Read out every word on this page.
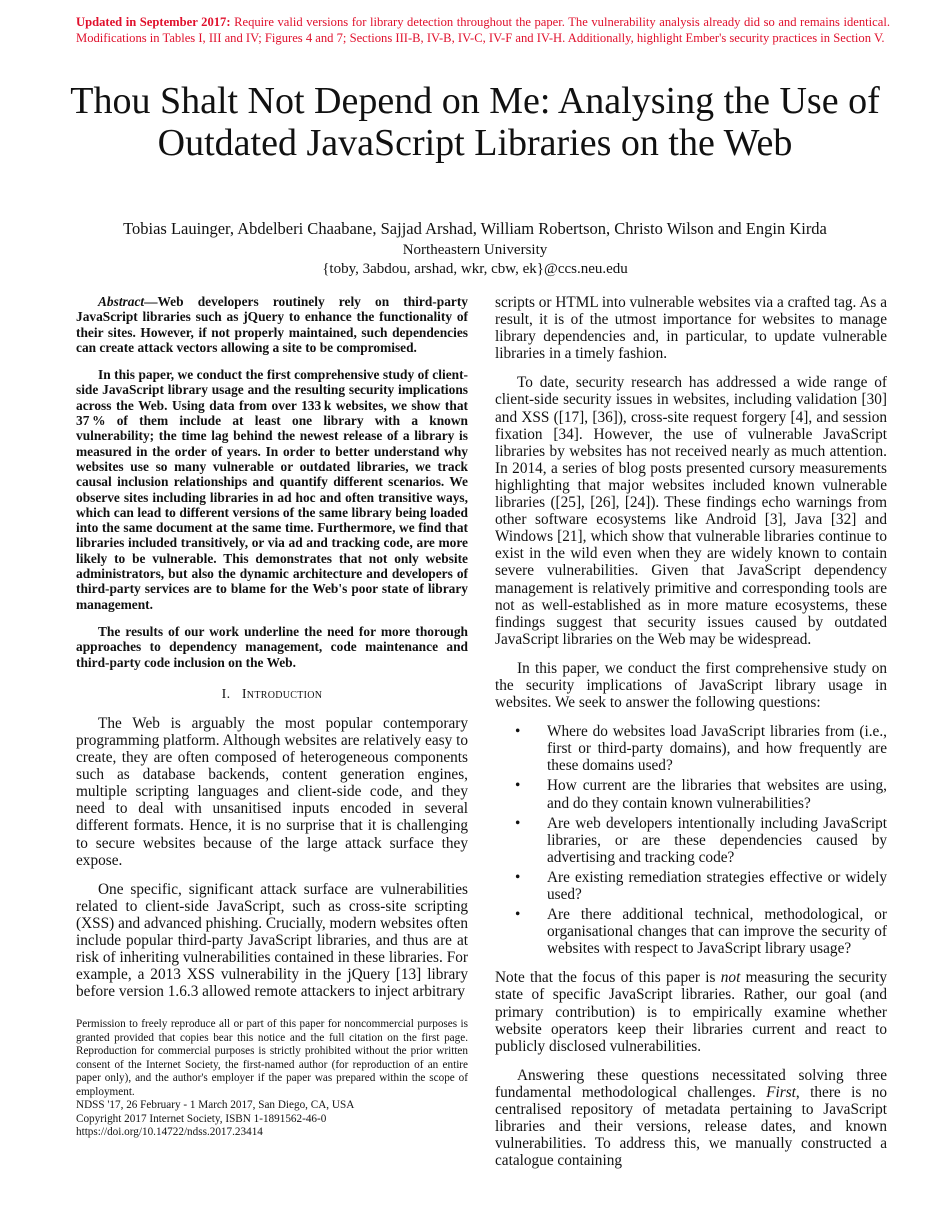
Updated in September 2017: Require valid versions for library detection throughout the paper. The vulnerability analysis already did so and remains identical. Modifications in Tables I, III and IV; Figures 4 and 7; Sections III-B, IV-B, IV-C, IV-F and IV-H. Additionally, highlight Ember's security practices in Section V.
Thou Shalt Not Depend on Me: Analysing the Use of Outdated JavaScript Libraries on the Web
Tobias Lauinger, Abdelberi Chaabane, Sajjad Arshad, William Robertson, Christo Wilson and Engin Kirda
Northeastern University
{toby, 3abdou, arshad, wkr, cbw, ek}@ccs.neu.edu

Abstract—Web developers routinely rely on third-party JavaScript libraries such as jQuery to enhance the functionality of their sites. However, if not properly maintained, such dependencies can create attack vectors allowing a site to be compromised.

In this paper, we conduct the first comprehensive study of client-side JavaScript library usage and the resulting security implications across the Web. Using data from over 133 k websites, we show that 37 % of them include at least one library with a known vulnerability; the time lag behind the newest release of a library is measured in the order of years. In order to better understand why websites use so many vulnerable or outdated libraries, we track causal inclusion relationships and quantify different scenarios. We observe sites including libraries in ad hoc and often transitive ways, which can lead to different versions of the same library being loaded into the same document at the same time. Furthermore, we find that libraries included transitively, or via ad and tracking code, are more likely to be vulnerable. This demonstrates that not only website administrators, but also the dynamic architecture and developers of third-party services are to blame for the Web's poor state of library management.

The results of our work underline the need for more thorough approaches to dependency management, code maintenance and third-party code inclusion on the Web.

I. Introduction

The Web is arguably the most popular contemporary programming platform. Although websites are relatively easy to create, they are often composed of heterogeneous components such as database backends, content generation engines, multiple scripting languages and client-side code, and they need to deal with unsanitised inputs encoded in several different formats. Hence, it is no surprise that it is challenging to secure websites because of the large attack surface they expose.

One specific, significant attack surface are vulnerabilities related to client-side JavaScript, such as cross-site scripting (XSS) and advanced phishing. Crucially, modern websites often include popular third-party JavaScript libraries, and thus are at risk of inheriting vulnerabilities contained in these libraries. For example, a 2013 XSS vulnerability in the jQuery [13] library before version 1.6.3 allowed remote attackers to inject arbitrary

Permission to freely reproduce all or part of this paper for noncommercial purposes is granted provided that copies bear this notice and the full citation on the first page. Reproduction for commercial purposes is strictly prohibited without the prior written consent of the Internet Society, the first-named author (for reproduction of an entire paper only), and the author's employer if the paper was prepared within the scope of employment.

NDSS '17, 26 February - 1 March 2017, San Diego, CA, USA

Copyright 2017 Internet Society, ISBN 1-1891562-46-0

https://doi.org/10.14722/ndss.2017.23414

scripts or HTML into vulnerable websites via a crafted tag. As a result, it is of the utmost importance for websites to manage library dependencies and, in particular, to update vulnerable libraries in a timely fashion.

To date, security research has addressed a wide range of client-side security issues in websites, including validation [30] and XSS ([17], [36]), cross-site request forgery [4], and session fixation [34]. However, the use of vulnerable JavaScript libraries by websites has not received nearly as much attention. In 2014, a series of blog posts presented cursory measurements highlighting that major websites included known vulnerable libraries ([25], [26], [24]). These findings echo warnings from other software ecosystems like Android [3], Java [32] and Windows [21], which show that vulnerable libraries continue to exist in the wild even when they are widely known to contain severe vulnerabilities. Given that JavaScript dependency management is relatively primitive and corresponding tools are not as well-established as in more mature ecosystems, these findings suggest that security issues caused by outdated JavaScript libraries on the Web may be widespread.

In this paper, we conduct the first comprehensive study on the security implications of JavaScript library usage in websites. We seek to answer the following questions:

• Where do websites load JavaScript libraries from (i.e., first or third-party domains), and how frequently are these domains used?
• How current are the libraries that websites are using, and do they contain known vulnerabilities?
• Are web developers intentionally including JavaScript libraries, or are these dependencies caused by advertising and tracking code?
• Are existing remediation strategies effective or widely used?
• Are there additional technical, methodological, or organisational changes that can improve the security of websites with respect to JavaScript library usage?

Note that the focus of this paper is not measuring the security state of specific JavaScript libraries. Rather, our goal (and primary contribution) is to empirically examine whether website operators keep their libraries current and react to publicly disclosed vulnerabilities.

Answering these questions necessitated solving three fundamental methodological challenges. First, there is no centralised repository of metadata pertaining to JavaScript libraries and their versions, release dates, and known vulnerabilities. To address this, we manually constructed a catalogue containing
